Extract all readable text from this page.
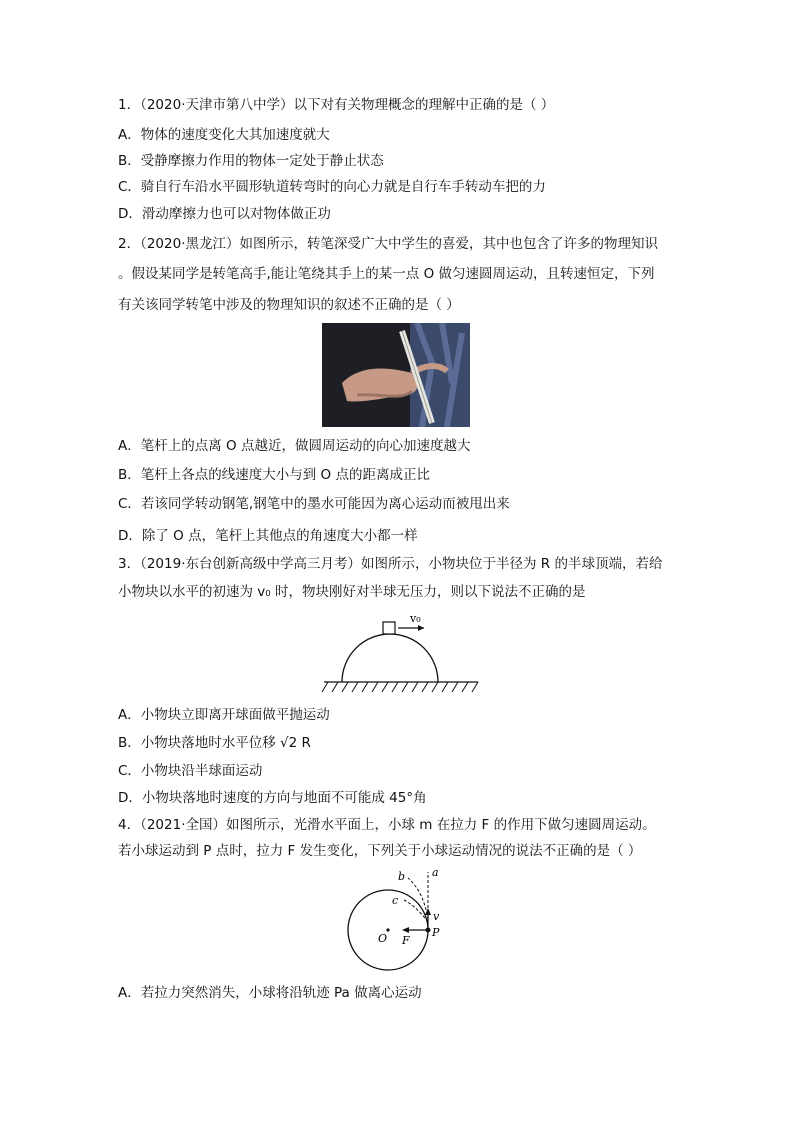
1．（2020·天津市第八中学）以下对有关物理概念的理解中正确的是（ ）
A．物体的速度变化大其加速度就大
B．受静摩擦力作用的物体一定处于静止状态
C．骑自行车沿水平圆形轨道转弯时的向心力就是自行车手转动车把的力
D．滑动摩擦力也可以对物体做正功
2．（2020·黑龙江）如图所示，转笔深受广大中学生的喜爱，其中也包含了许多的物理知识
。假设某同学是转笔高手,能让笔绕其手上的某一点 O 做匀速圆周运动，且转速恒定，下列
有关该同学转笔中涉及的物理知识的叙述不正确的是（ ）
A．笔杆上的点离 O 点越近，做圆周运动的向心加速度越大
B．笔杆上各点的线速度大小与到 O 点的距离成正比
C．若该同学转动钢笔,钢笔中的墨水可能因为离心运动而被甩出来
D．除了 O 点，笔杆上其他点的角速度大小都一样
3．（2019·东台创新高级中学高三月考）如图所示，小物块位于半径为 R 的半球顶端，若给
小物块以水平的初速为 v₀ 时，物块刚好对半球无压力，则以下说法不正确的是
v₀
A．小物块立即离开球面做平抛运动
B．小物块落地时水平位移 √2 R
C．小物块沿半球面运动
D．小物块落地时速度的方向与地面不可能成 45°角
4．（2021·全国）如图所示，光滑水平面上，小球 m 在拉力 F 的作用下做匀速圆周运动。
若小球运动到 P 点时，拉力 F 发生变化，下列关于小球运动情况的说法不正确的是（ ）
a
b
c
v
O F
P
A．若拉力突然消失，小球将沿轨迹 Pa 做离心运动
